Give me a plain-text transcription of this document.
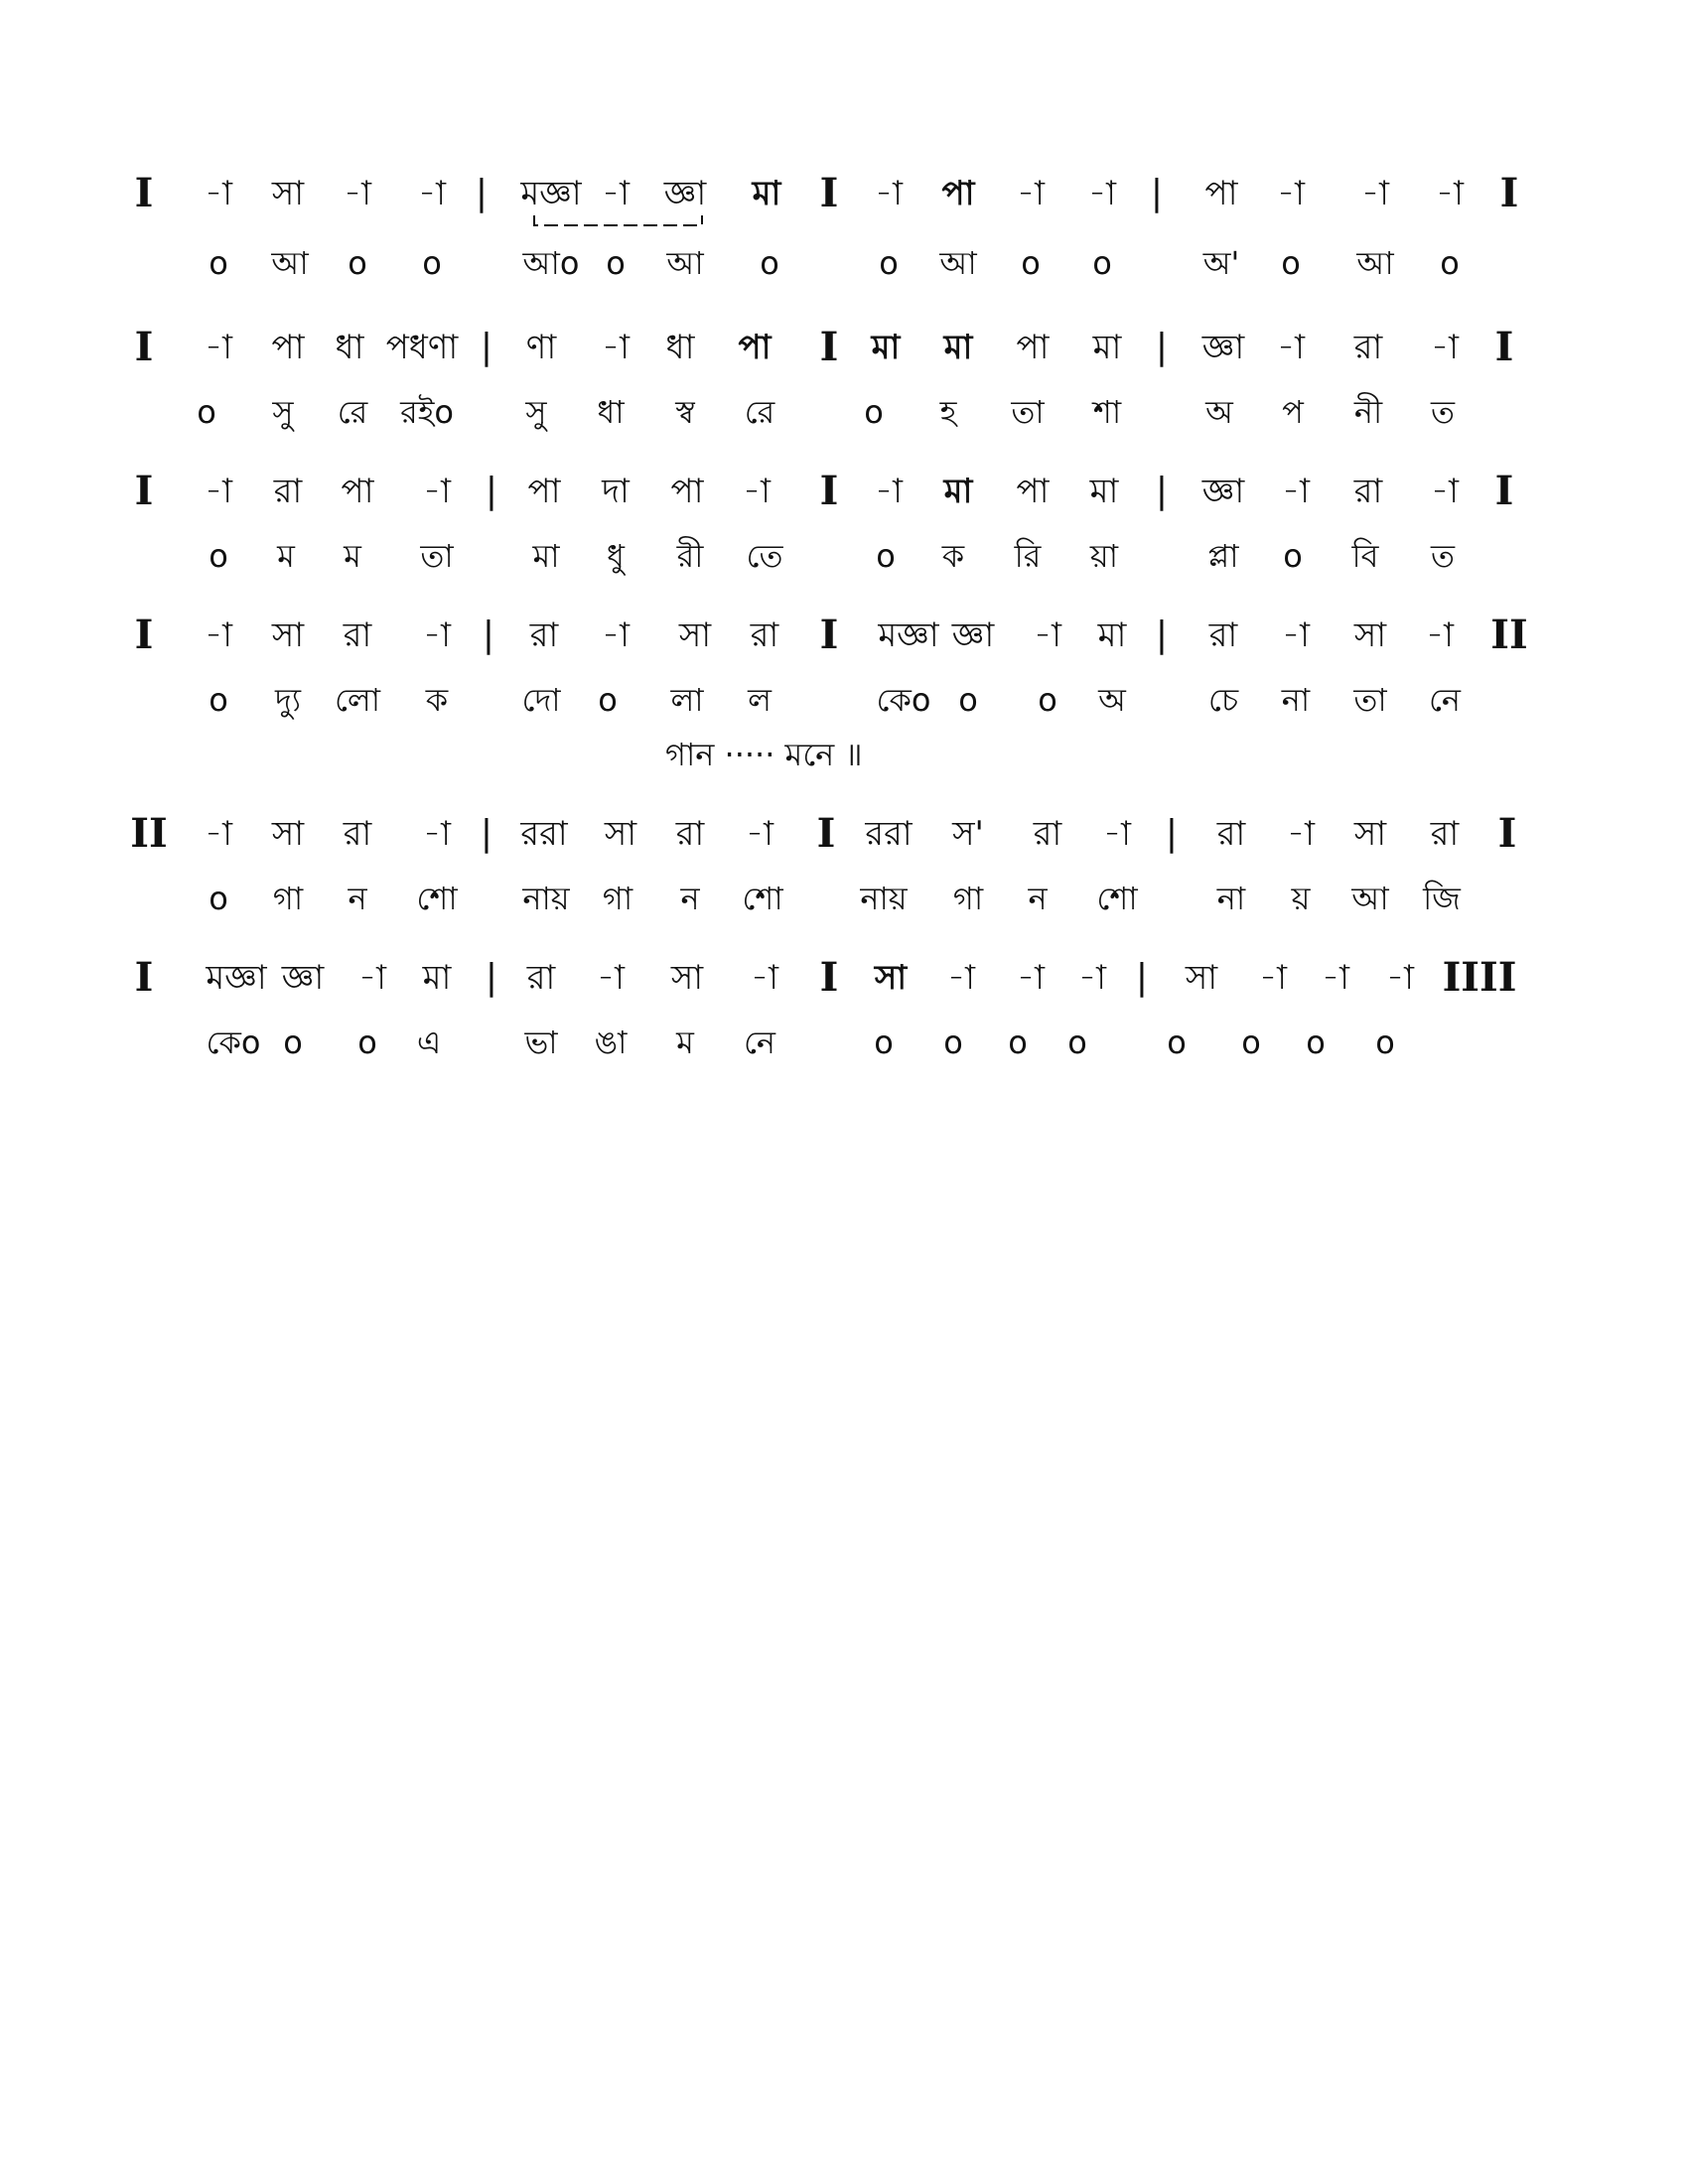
I -া সা -া -া | মজ্ঞা -া জ্ঞা মা I -া পা -া -া | পা -া -া -া I
o আ o o	আo o আ o	o আ o o	অ' o আ o
I -া পা ধা পধণা | ণা -া ধা পা I মা মা পা মা | জ্ঞা -া রা -া I
o সু রে রইo সু ধা স্ব রে	o হ তা শা	অ প নী ত
I -া রা পা -া | পা দা পা -া I -া মা পা মা | জ্ঞা -া রা -া I
o ম ম তা মা ধু রী তে	o ক রি য়া	প্লা o বি ত
I -া সা রা -া | রা -া সা রা I মজ্ঞা জ্ঞা -া মা | রা -া সা -া II
o দ্যু লো ক দো o লা ল	কেo o o অ	চে না তা নে
গান ····· মনে ॥
II -া সা রা -া | ররা সা রা -া I ররা স' রা -া | রা -া সা রা I
o গা ন শো নায় গা ন শো নায় গা ন শো	না য় আ জি
I মজ্ঞা জ্ঞা -া মা | রা -া সা -া I সা -া -া -া | সা -া -া -া IIII
কেo o o এ	ভা ঙা ম নে	o o o o	o o o o
